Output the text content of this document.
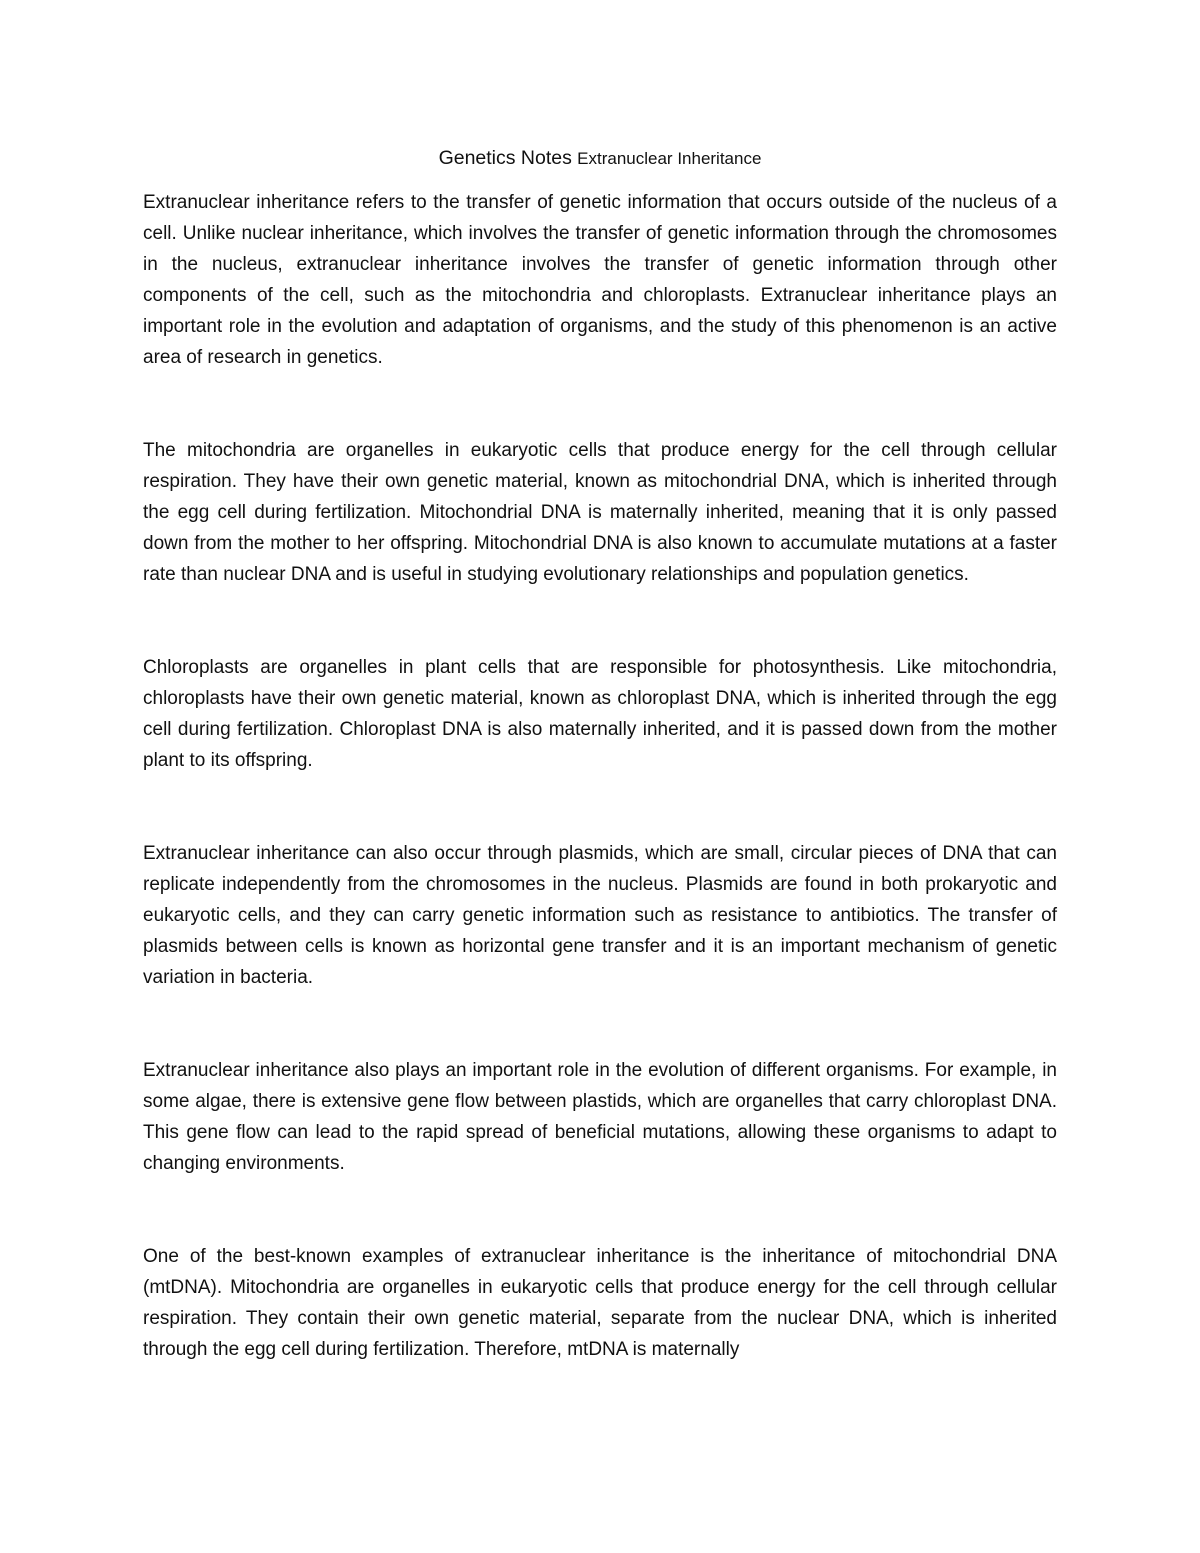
Genetics Notes Extranuclear Inheritance

Extranuclear inheritance refers to the transfer of genetic information that occurs outside of the nucleus of a cell. Unlike nuclear inheritance, which involves the transfer of genetic information through the chromosomes in the nucleus, extranuclear inheritance involves the transfer of genetic information through other components of the cell, such as the mitochondria and chloroplasts. Extranuclear inheritance plays an important role in the evolution and adaptation of organisms, and the study of this phenomenon is an active area of research in genetics.

The mitochondria are organelles in eukaryotic cells that produce energy for the cell through cellular respiration. They have their own genetic material, known as mitochondrial DNA, which is inherited through the egg cell during fertilization. Mitochondrial DNA is maternally inherited, meaning that it is only passed down from the mother to her offspring. Mitochondrial DNA is also known to accumulate mutations at a faster rate than nuclear DNA and is useful in studying evolutionary relationships and population genetics.

Chloroplasts are organelles in plant cells that are responsible for photosynthesis. Like mitochondria, chloroplasts have their own genetic material, known as chloroplast DNA, which is inherited through the egg cell during fertilization. Chloroplast DNA is also maternally inherited, and it is passed down from the mother plant to its offspring.

Extranuclear inheritance can also occur through plasmids, which are small, circular pieces of DNA that can replicate independently from the chromosomes in the nucleus. Plasmids are found in both prokaryotic and eukaryotic cells, and they can carry genetic information such as resistance to antibiotics. The transfer of plasmids between cells is known as horizontal gene transfer and it is an important mechanism of genetic variation in bacteria.

Extranuclear inheritance also plays an important role in the evolution of different organisms. For example, in some algae, there is extensive gene flow between plastids, which are organelles that carry chloroplast DNA. This gene flow can lead to the rapid spread of beneficial mutations, allowing these organisms to adapt to changing environments.

One of the best-known examples of extranuclear inheritance is the inheritance of mitochondrial DNA (mtDNA). Mitochondria are organelles in eukaryotic cells that produce energy for the cell through cellular respiration. They contain their own genetic material, separate from the nuclear DNA, which is inherited through the egg cell during fertilization. Therefore, mtDNA is maternally
